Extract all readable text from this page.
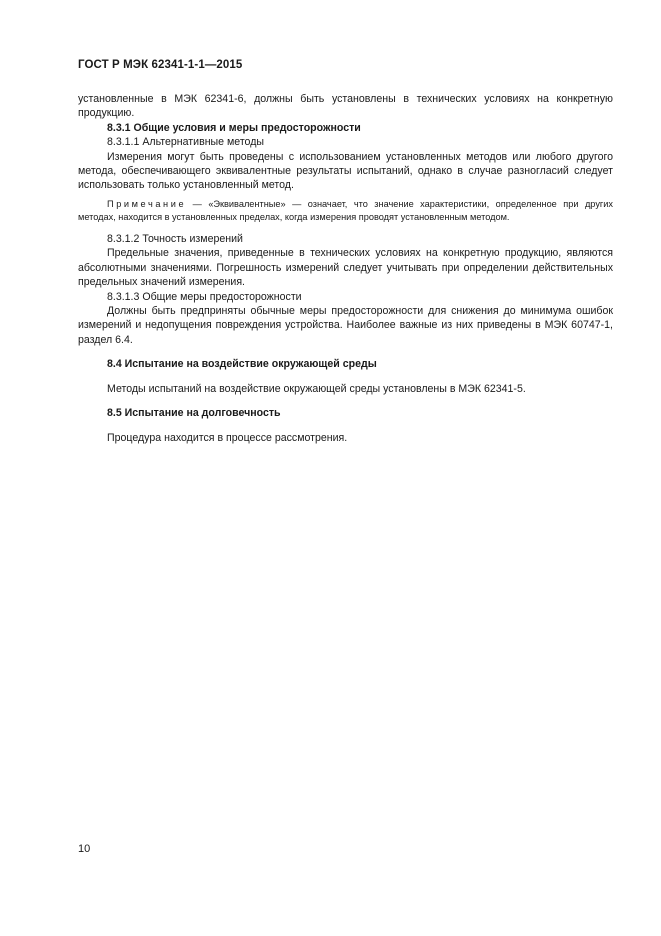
ГОСТ Р МЭК 62341-1-1—2015

установленные в МЭК 62341-6, должны быть установлены в технических условиях на конкретную продукцию.

8.3.1 Общие условия и меры предосторожности

8.3.1.1 Альтернативные методы

Измерения могут быть проведены с использованием установленных методов или любого другого метода, обеспечивающего эквивалентные результаты испытаний, однако в случае разногласий следует использовать только установленный метод.

Примечание — «Эквивалентные» — означает, что значение характеристики, определенное при других методах, находится в установленных пределах, когда измерения проводят установленным методом.

8.3.1.2 Точность измерений

Предельные значения, приведенные в технических условиях на конкретную продукцию, являются абсолютными значениями. Погрешность измерений следует учитывать при определении действительных предельных значений измерения.

8.3.1.3 Общие меры предосторожности

Должны быть предприняты обычные меры предосторожности для снижения до минимума ошибок измерений и недопущения повреждения устройства. Наиболее важные из них приведены в МЭК 60747-1, раздел 6.4.

8.4 Испытание на воздействие окружающей среды

Методы испытаний на воздействие окружающей среды установлены в МЭК 62341-5.

8.5 Испытание на долговечность

Процедура находится в процессе рассмотрения.

10
